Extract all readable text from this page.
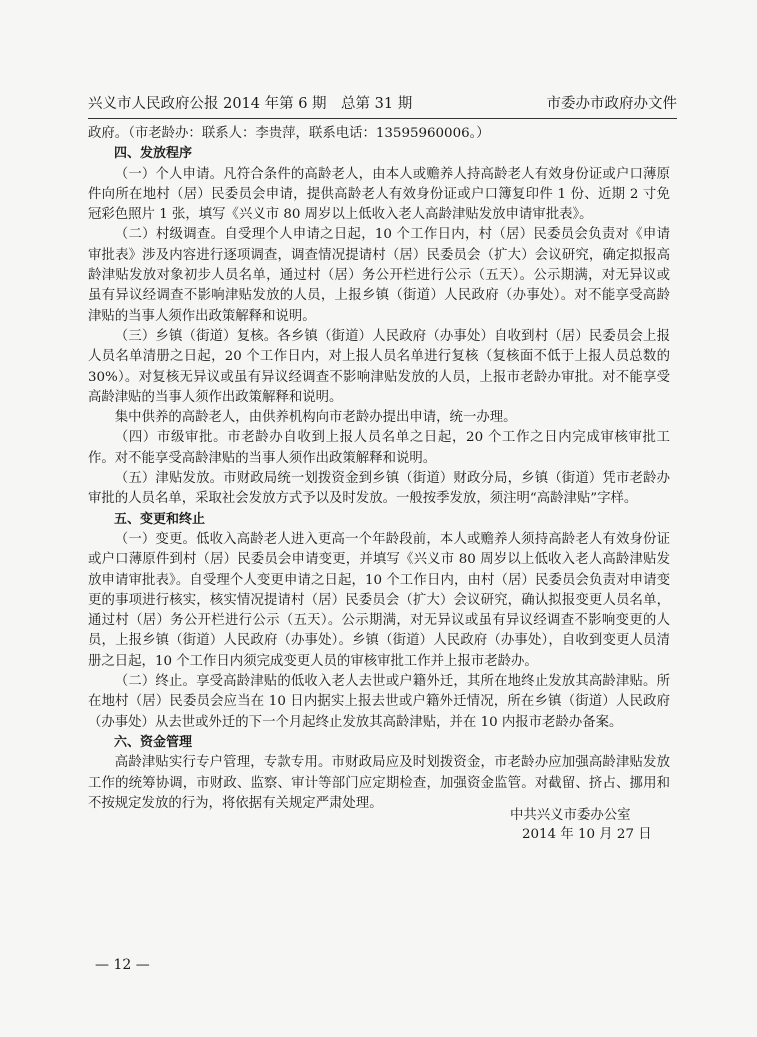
兴义市人民政府公报 2014 年第 6 期　总第 31 期	市委办市政府办文件

政府。（市老龄办：联系人：李贵萍，联系电话：13595960006。）

四、发放程序

（一）个人申请。凡符合条件的高龄老人，由本人或赡养人持高龄老人有效身份证或户口薄原件向所在地村（居）民委员会申请，提供高龄老人有效身份证或户口簿复印件 1 份、近期 2 寸免冠彩色照片 1 张，填写《兴义市 80 周岁以上低收入老人高龄津贴发放申请审批表》。

（二）村级调查。自受理个人申请之日起，10 个工作日内，村（居）民委员会负责对《申请审批表》涉及内容进行逐项调查，调查情况提请村（居）民委员会（扩大）会议研究，确定拟报高龄津贴发放对象初步人员名单，通过村（居）务公开栏进行公示（五天）。公示期满，对无异议或虽有异议经调查不影响津贴发放的人员，上报乡镇（街道）人民政府（办事处）。对不能享受高龄津贴的当事人须作出政策解释和说明。

（三）乡镇（街道）复核。各乡镇（街道）人民政府（办事处）自收到村（居）民委员会上报人员名单清册之日起，20 个工作日内，对上报人员名单进行复核（复核面不低于上报人员总数的 30%）。对复核无异议或虽有异议经调查不影响津贴发放的人员，上报市老龄办审批。对不能享受高龄津贴的当事人须作出政策解释和说明。

集中供养的高龄老人，由供养机构向市老龄办提出申请，统一办理。

（四）市级审批。市老龄办自收到上报人员名单之日起，20 个工作之日内完成审核审批工作。对不能享受高龄津贴的当事人须作出政策解释和说明。

（五）津贴发放。市财政局统一划拨资金到乡镇（街道）财政分局，乡镇（街道）凭市老龄办审批的人员名单，采取社会发放方式予以及时发放。一般按季发放，须注明“高龄津贴”字样。

五、变更和终止

（一）变更。低收入高龄老人进入更高一个年龄段前，本人或赡养人须持高龄老人有效身份证或户口薄原件到村（居）民委员会申请变更，并填写《兴义市 80 周岁以上低收入老人高龄津贴发放申请审批表》。自受理个人变更申请之日起，10 个工作日内，由村（居）民委员会负责对申请变更的事项进行核实，核实情况提请村（居）民委员会（扩大）会议研究，确认拟报变更人员名单，通过村（居）务公开栏进行公示（五天）。公示期满，对无异议或虽有异议经调查不影响变更的人员，上报乡镇（街道）人民政府（办事处）。乡镇（街道）人民政府（办事处），自收到变更人员清册之日起，10 个工作日内须完成变更人员的审核审批工作并上报市老龄办。

（二）终止。享受高龄津贴的低收入老人去世或户籍外迁，其所在地终止发放其高龄津贴。所在地村（居）民委员会应当在 10 日内据实上报去世或户籍外迁情况，所在乡镇（街道）人民政府（办事处）从去世或外迁的下一个月起终止发放其高龄津贴，并在 10 内报市老龄办备案。

六、资金管理

高龄津贴实行专户管理，专款专用。市财政局应及时划拨资金，市老龄办应加强高龄津贴发放工作的统筹协调，市财政、监察、审计等部门应定期检查，加强资金监管。对截留、挤占、挪用和不按规定发放的行为，将依据有关规定严肃处理。

中共兴义市委办公室
2014 年 10 月 27 日
— 12 —
